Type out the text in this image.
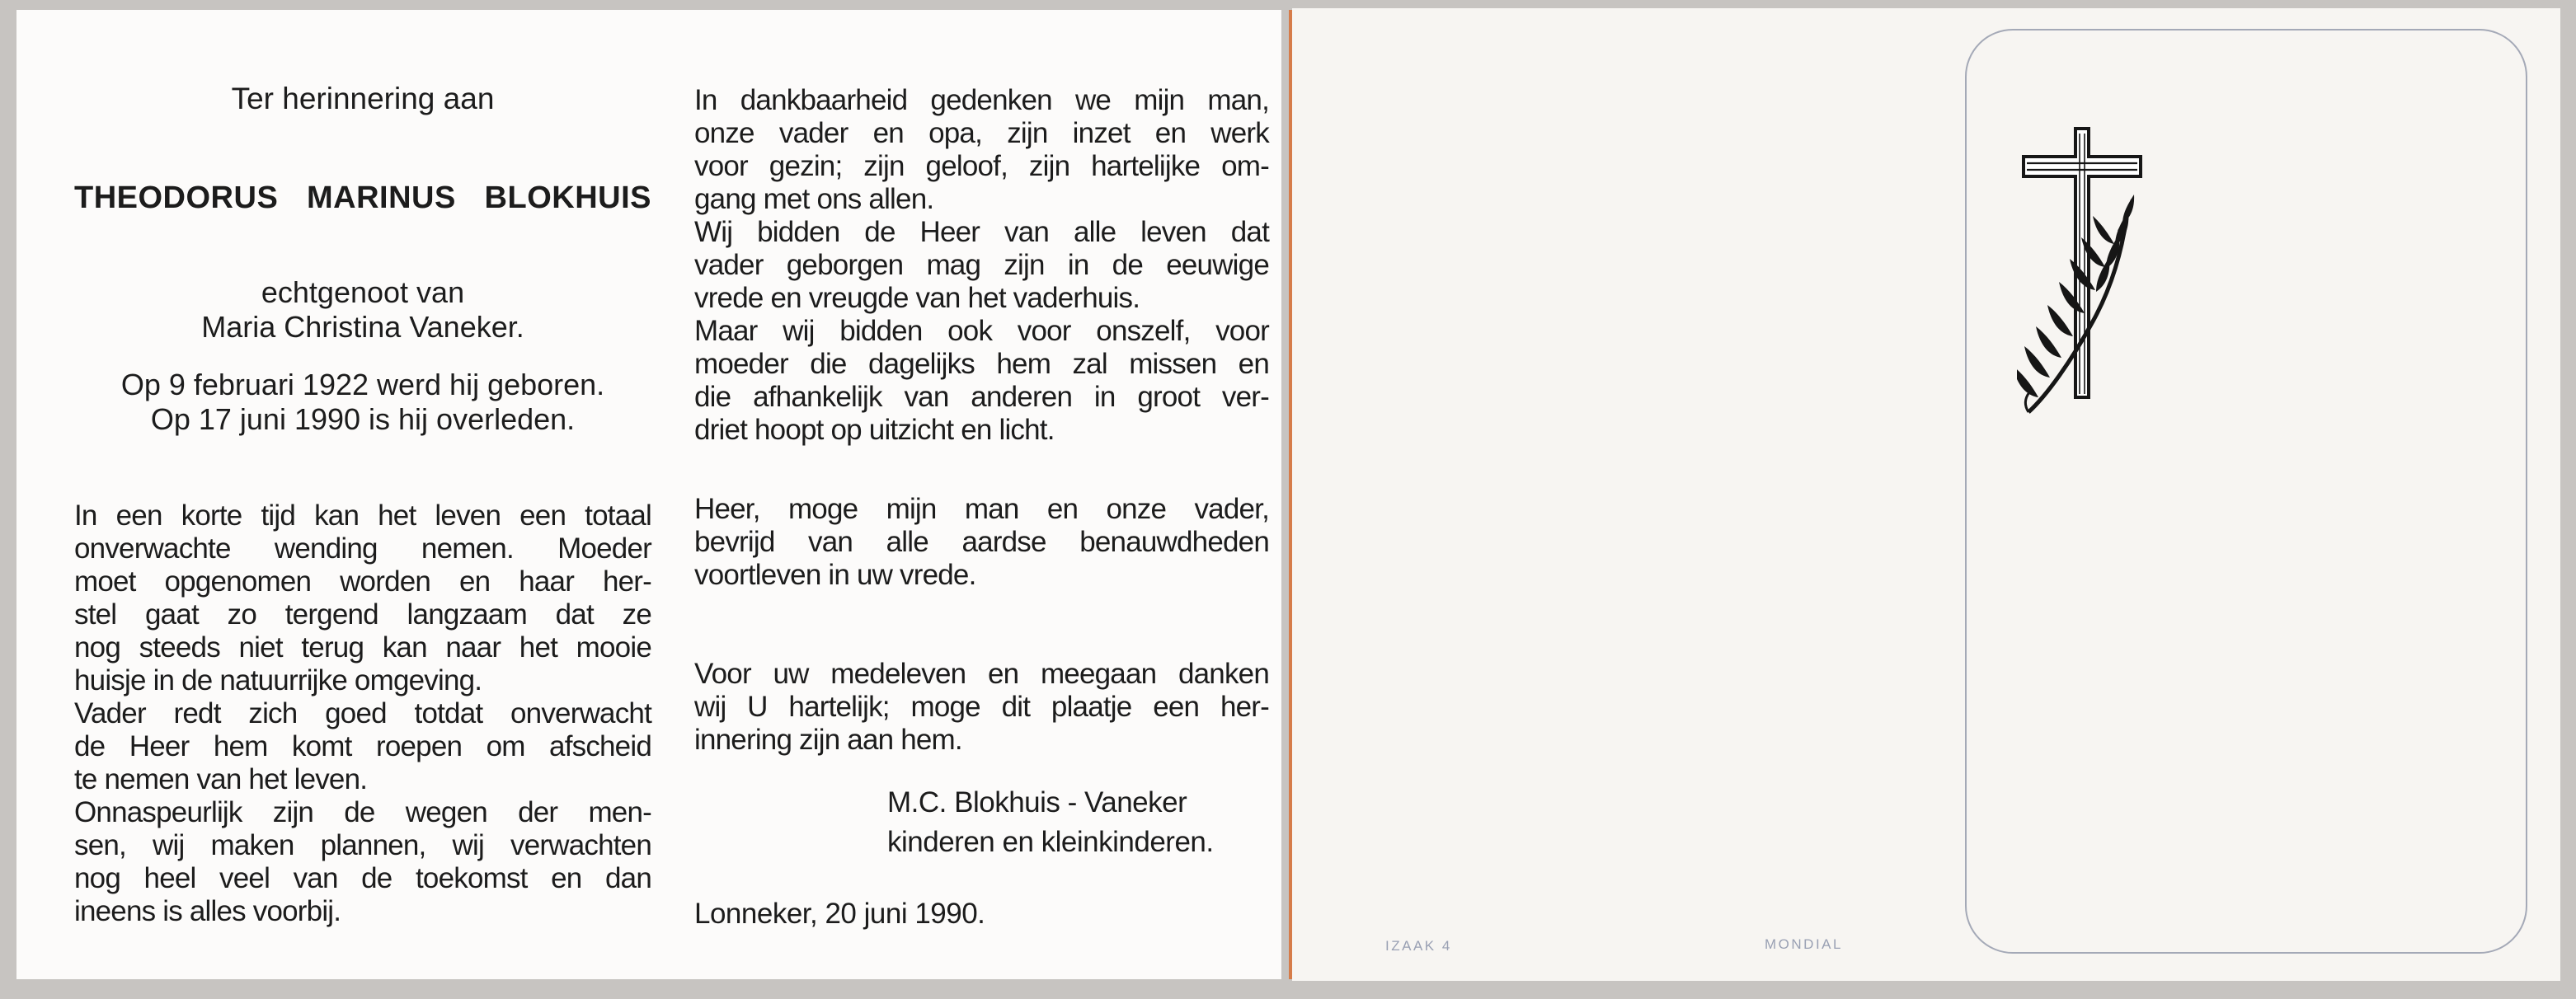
Ter herinnering aan
THEODORUS MARINUS BLOKHUIS
echtgenoot van
Maria Christina Vaneker.
Op 9 februari 1922 werd hij geboren.
Op 17 juni 1990 is hij overleden.
In een korte tijd kan het leven een totaal
onverwachte wending nemen. Moeder
moet opgenomen worden en haar her-
stel gaat zo tergend langzaam dat ze
nog steeds niet terug kan naar het mooie
huisje in de natuurrijke omgeving.
Vader redt zich goed totdat onverwacht
de Heer hem komt roepen om afscheid
te nemen van het leven.
Onnaspeurlijk zijn de wegen der men-
sen, wij maken plannen, wij verwachten
nog heel veel van de toekomst en dan
ineens is alles voorbij.
In dankbaarheid gedenken we mijn man,
onze vader en opa, zijn inzet en werk
voor gezin; zijn geloof, zijn hartelijke om-
gang met ons allen.
Wij bidden de Heer van alle leven dat
vader geborgen mag zijn in de eeuwige
vrede en vreugde van het vaderhuis.
Maar wij bidden ook voor onszelf, voor
moeder die dagelijks hem zal missen en
die afhankelijk van anderen in groot ver-
driet hoopt op uitzicht en licht.
Heer, moge mijn man en onze vader,
bevrijd van alle aardse benauwdheden
voortleven in uw vrede.
Voor uw medeleven en meegaan danken
wij U hartelijk; moge dit plaatje een her-
innering zijn aan hem.
M.C. Blokhuis - Vaneker
kinderen en kleinkinderen.
Lonneker, 20 juni 1990.
IZAAK 4	MONDIAL
